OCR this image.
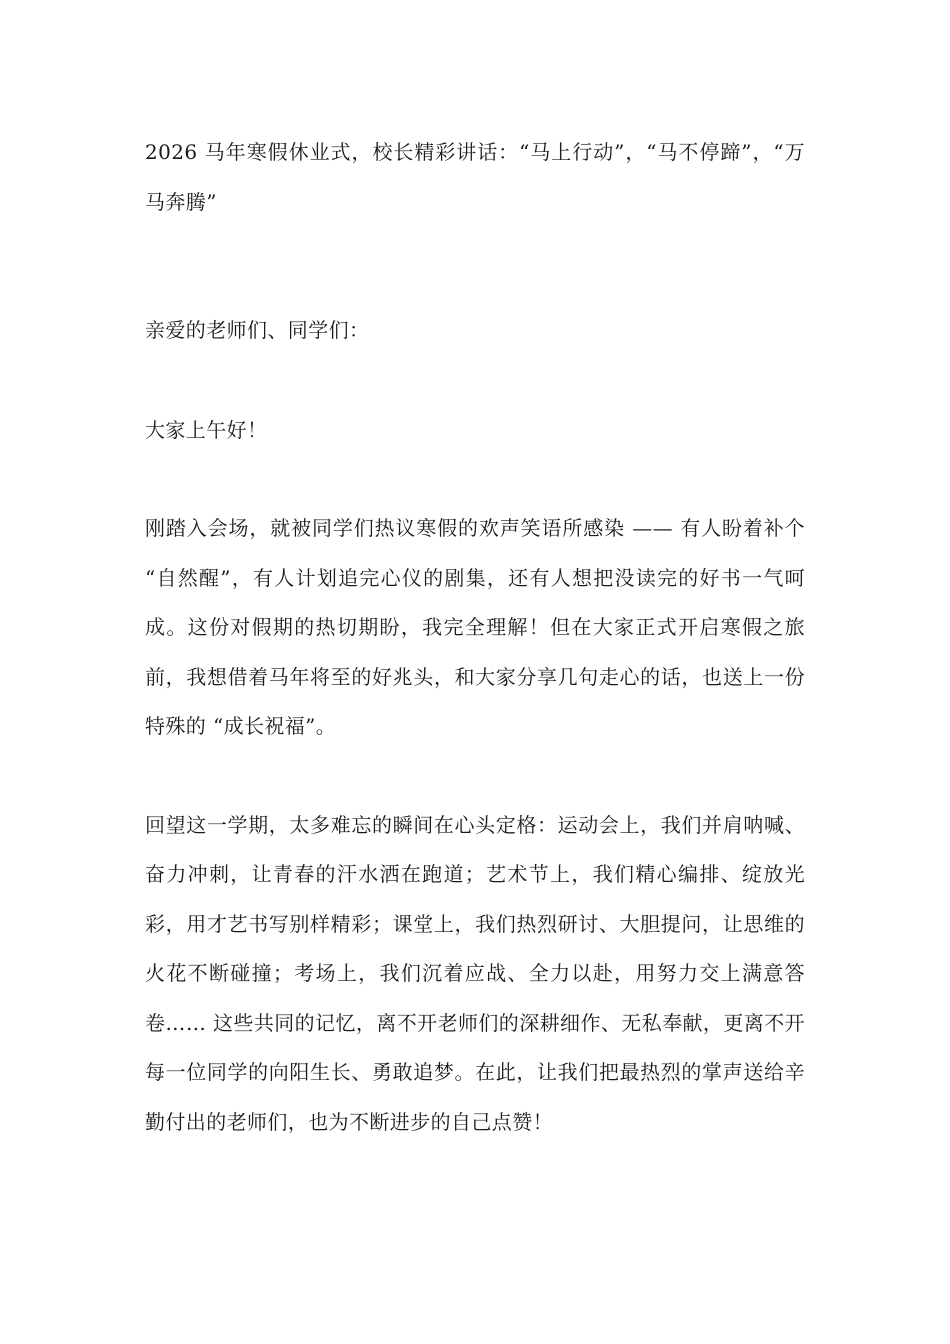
2026 马年寒假休业式，校长精彩讲话：“马上行动”，“马不停蹄”，“万马奔腾”

亲爱的老师们、同学们：

大家上午好！

刚踏入会场，就被同学们热议寒假的欢声笑语所感染 —— 有人盼着补个 “自然醒”，有人计划追完心仪的剧集，还有人想把没读完的好书一气呵成。这份对假期的热切期盼，我完全理解！但在大家正式开启寒假之旅前，我想借着马年将至的好兆头，和大家分享几句走心的话，也送上一份特殊的 “成长祝福”。

回望这一学期，太多难忘的瞬间在心头定格：运动会上，我们并肩呐喊、奋力冲刺，让青春的汗水洒在跑道；艺术节上，我们精心编排、绽放光彩，用才艺书写别样精彩；课堂上，我们热烈研讨、大胆提问，让思维的火花不断碰撞；考场上，我们沉着应战、全力以赴，用努力交上满意答卷…… 这些共同的记忆，离不开老师们的深耕细作、无私奉献，更离不开每一位同学的向阳生长、勇敢追梦。在此，让我们把最热烈的掌声送给辛勤付出的老师们，也为不断进步的自己点赞！
